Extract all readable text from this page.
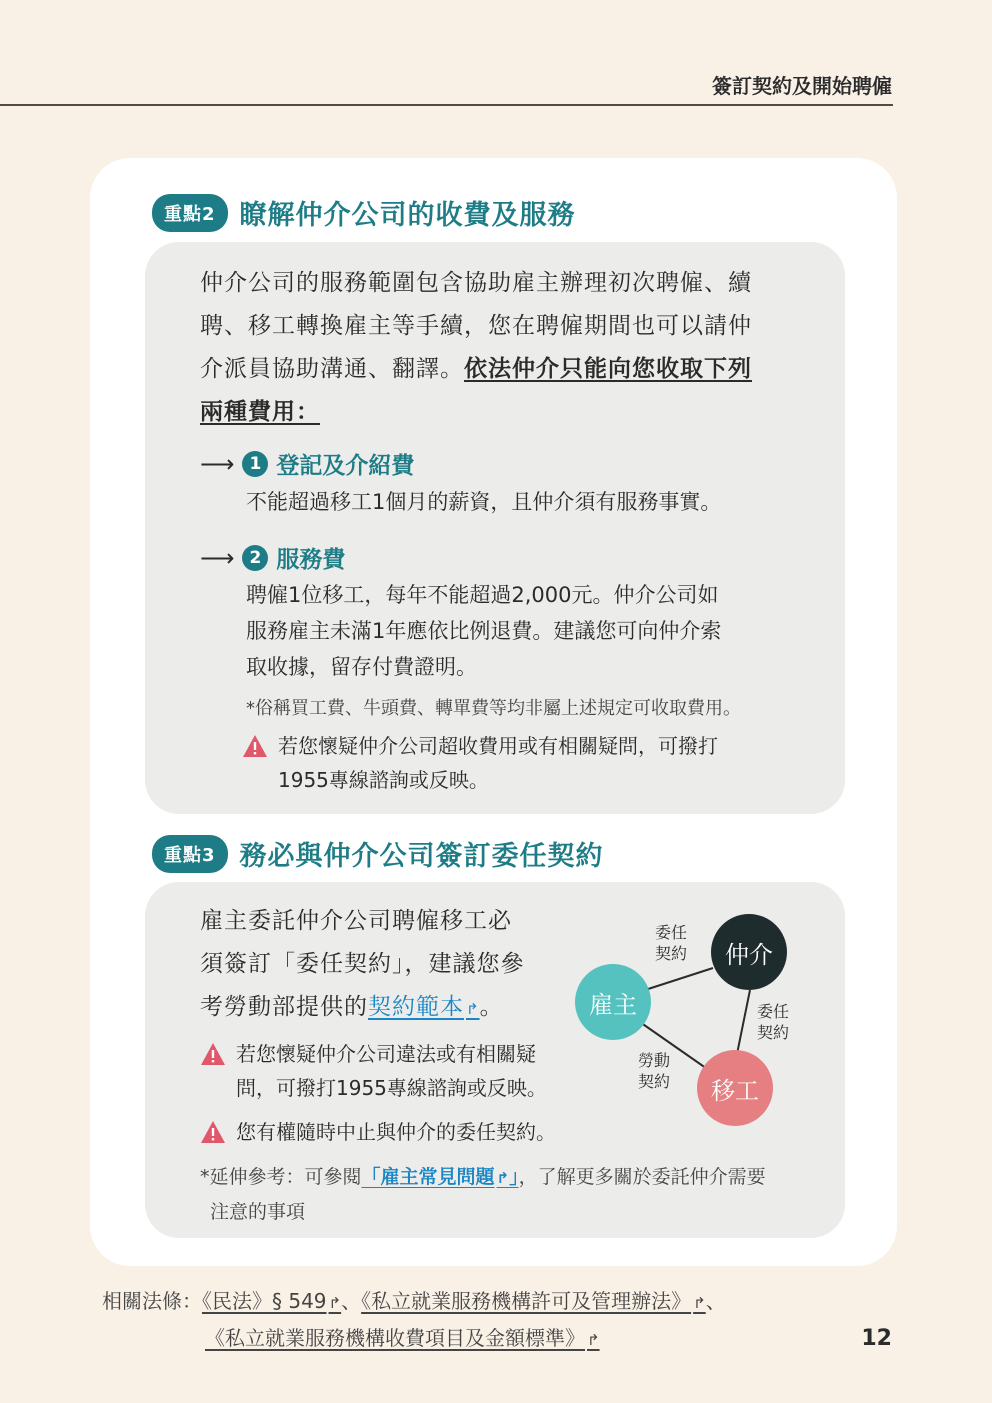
簽訂契約及開始聘僱
重點2 瞭解仲介公司的收費及服務
仲介公司的服務範圍包含協助雇主辦理初次聘僱、續
聘、移工轉換雇主等手續，您在聘僱期間也可以請仲
介派員協助溝通、翻譯。依法仲介只能向您收取下列
兩種費用：
⟶	1 登記及介紹費
不能超過移工1個月的薪資，且仲介須有服務事實。
⟶	2 服務費
聘僱1位移工，每年不能超過2,000元。仲介公司如
服務雇主未滿1年應依比例退費。建議您可向仲介索
取收據，留存付費證明。
*俗稱買工費、牛頭費、轉單費等均非屬上述規定可收取費用。
若您懷疑仲介公司超收費用或有相關疑問，可撥打
1955專線諮詢或反映。
重點3 務必與仲介公司簽訂委任契約
雇主委託仲介公司聘僱移工必
須簽訂「委任契約」，建議您參
考勞動部提供的契約範本 ↱。
若您懷疑仲介公司違法或有相關疑
問，可撥打1955專線諮詢或反映。
您有權隨時中止與仲介的委任契約。
*延伸參考：可參閱「雇主常見問題 ↱」，了解更多關於委託仲介需要
注意的事項
仲介
雇主
移工
委任
契約
委任
契約
勞動
契約
相關法條：《民法》§ 549 ↱、《私立就業服務機構許可及管理辦法》 ↱、
《私立就業服務機構收費項目及金額標準》 ↱	12
